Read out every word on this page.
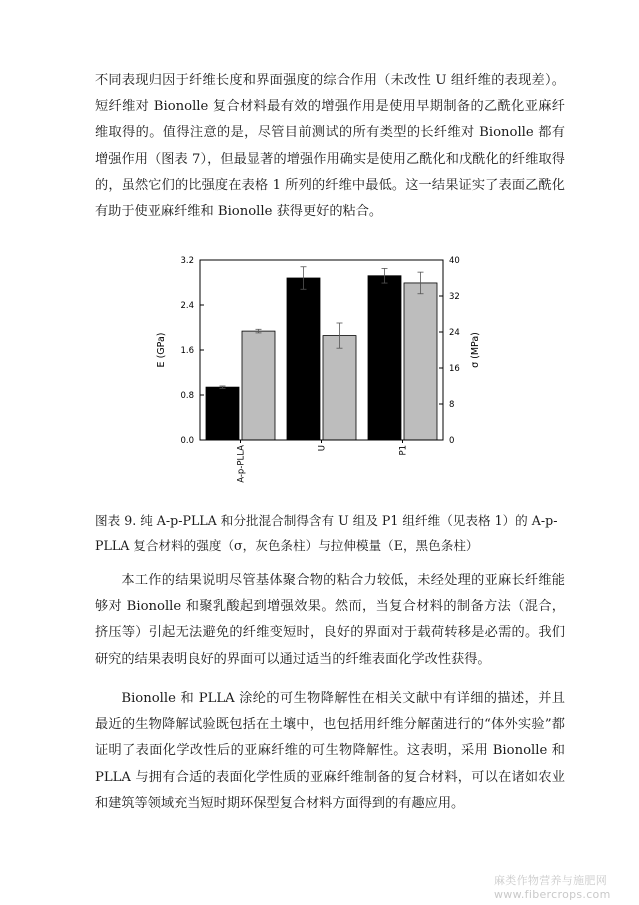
不同表现归因于纤维长度和界面强度的综合作用（未改性 U 组纤维的表现差）。短纤维对 Bionolle 复合材料最有效的增强作用是使用早期制备的乙酰化亚麻纤维取得的。值得注意的是，尽管目前测试的所有类型的长纤维对 Bionolle 都有增强作用（图表 7），但最显著的增强作用确实是使用乙酰化和戊酰化的纤维取得的，虽然它们的比强度在表格 1 所列的纤维中最低。这一结果证实了表面乙酰化有助于使亚麻纤维和 Bionolle 获得更好的粘合。

0.0
0.8
1.6
2.4
3.2
0
8
16
24
32
40
A-p-PLLA	U	P1
E (GPa)	σ (MPa)

图表 9. 纯 A-p-PLLA 和分批混合制得含有 U 组及 P1 组纤维（见表格 1）的 A-p-PLLA 复合材料的强度（σ，灰色条柱）与拉伸模量（E，黑色条柱）

本工作的结果说明尽管基体聚合物的粘合力较低，未经处理的亚麻长纤维能够对 Bionolle 和聚乳酸起到增强效果。然而，当复合材料的制备方法（混合，挤压等）引起无法避免的纤维变短时，良好的界面对于载荷转移是必需的。我们研究的结果表明良好的界面可以通过适当的纤维表面化学改性获得。

Bionolle 和 PLLA 涂纶的可生物降解性在相关文献中有详细的描述，并且最近的生物降解试验既包括在土壤中，也包括用纤维分解菌进行的“体外实验”都证明了表面化学改性后的亚麻纤维的可生物降解性。这表明，采用 Bionolle 和 PLLA 与拥有合适的表面化学性质的亚麻纤维制备的复合材料，可以在诸如农业和建筑等领域充当短时期环保型复合材料方面得到的有趣应用。

麻类作物营养与施肥网 www.fibercrops.com
